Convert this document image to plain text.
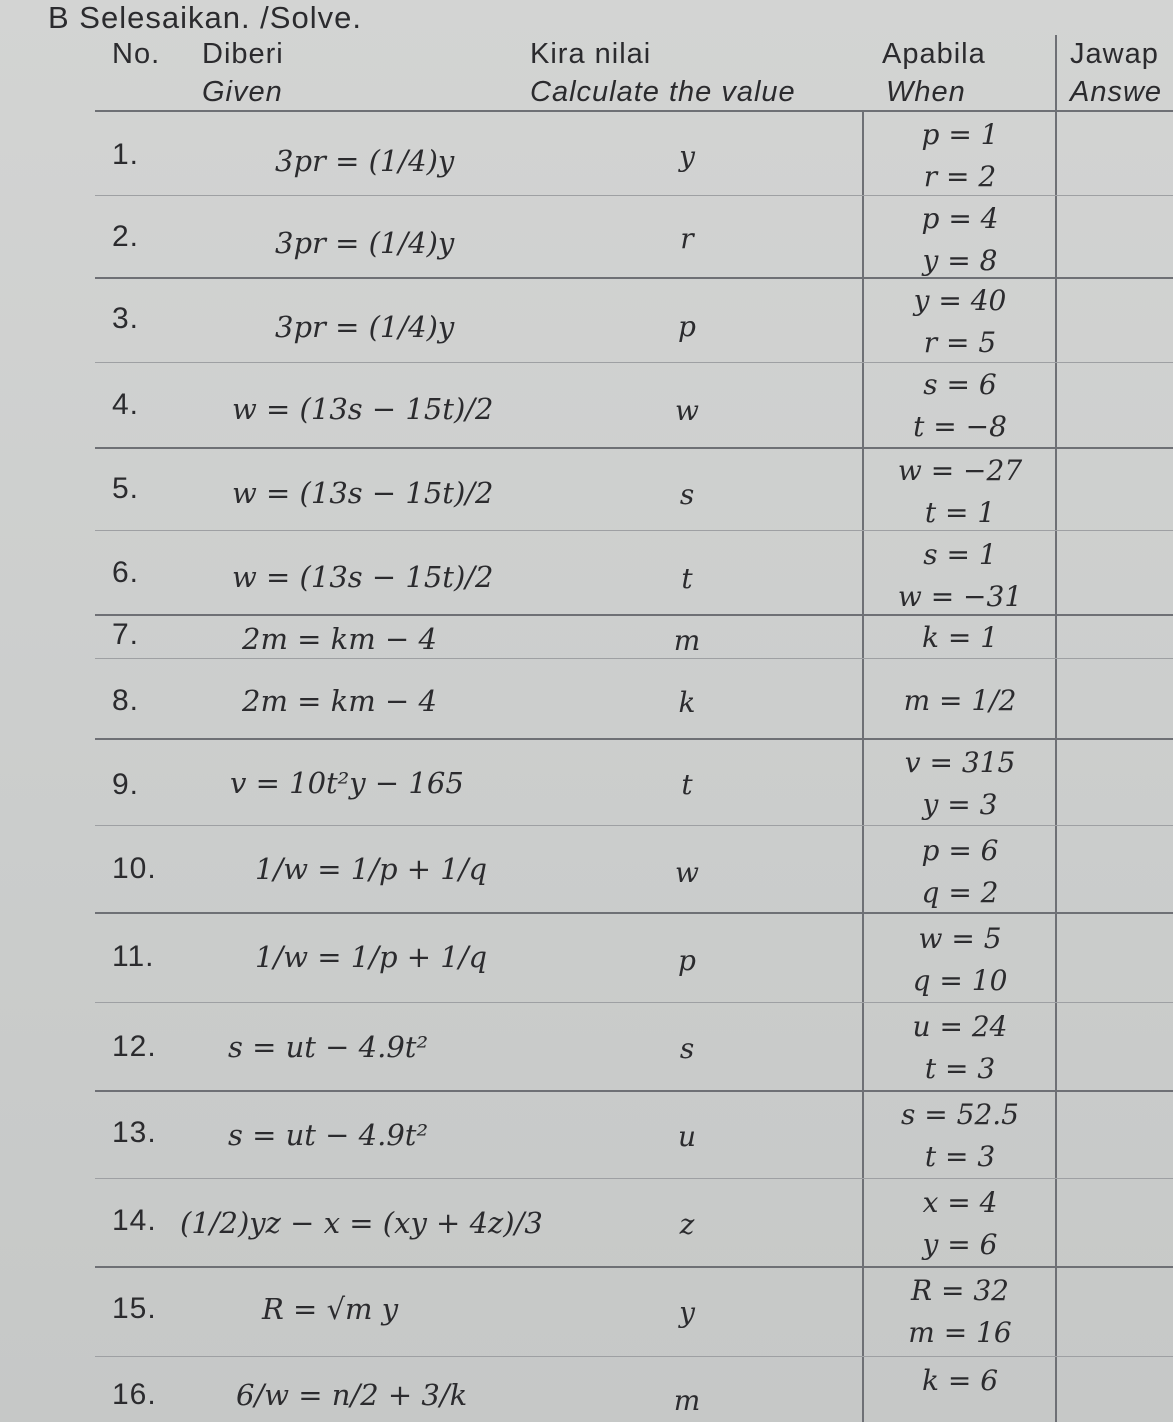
B Selesaikan. /Solve.
No. Diberi
Given
Kira nilai
Calculate the value
Apabila
When
Jawap
Answe
1.
2.
3.
4.
5.
6.
7.
8.
9.
10.
11.
12.
13.
14.
15.
16.
3pr = (1/4)y
3pr = (1/4)y
3pr = (1/4)y
w = (13s − 15t)/2
w = (13s − 15t)/2
w = (13s − 15t)/2
2m = km − 4
2m = km − 4
v = 10t²y − 165
1/w = 1/p + 1/q
1/w = 1/p + 1/q
s = ut − 4.9t²
s = ut − 4.9t²
(1/2)yz − x = (xy + 4z)/3
R = √m y
6/w = n/2 + 3/k
y
r
p
w
s
t
m
k
t
w
p
s
u
z
y
m
p = 1
r = 2
p = 4
y = 8
y = 40
r = 5
s = 6
t = −8
w = −27
t = 1
s = 1
w = −31
k = 1
m = 1/2
v = 315
y = 3
p = 6
q = 2
w = 5
q = 10
u = 24
t = 3
s = 52.5
t = 3
x = 4
y = 6
R = 32
m = 16
k = 6
